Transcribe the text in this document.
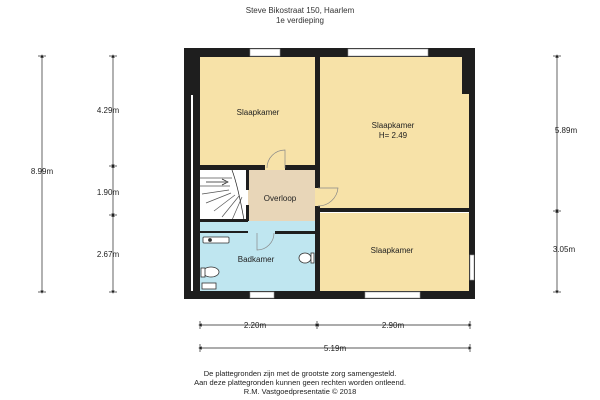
Steve Bikostraat 150, Haarlem
1e verdieping
Slaapkamer
Slaapkamer
H= 2.49
Overloop
Badkamer
Slaapkamer
8.99m
4.29m
1.90m
2.67m
5.89m
3.05m
2.20m	2.90m
5.19m
De plattegronden zijn met de grootste zorg samengesteld.
Aan deze plattegronden kunnen geen rechten worden ontleend.
R.M. Vastgoedpresentatie © 2018
